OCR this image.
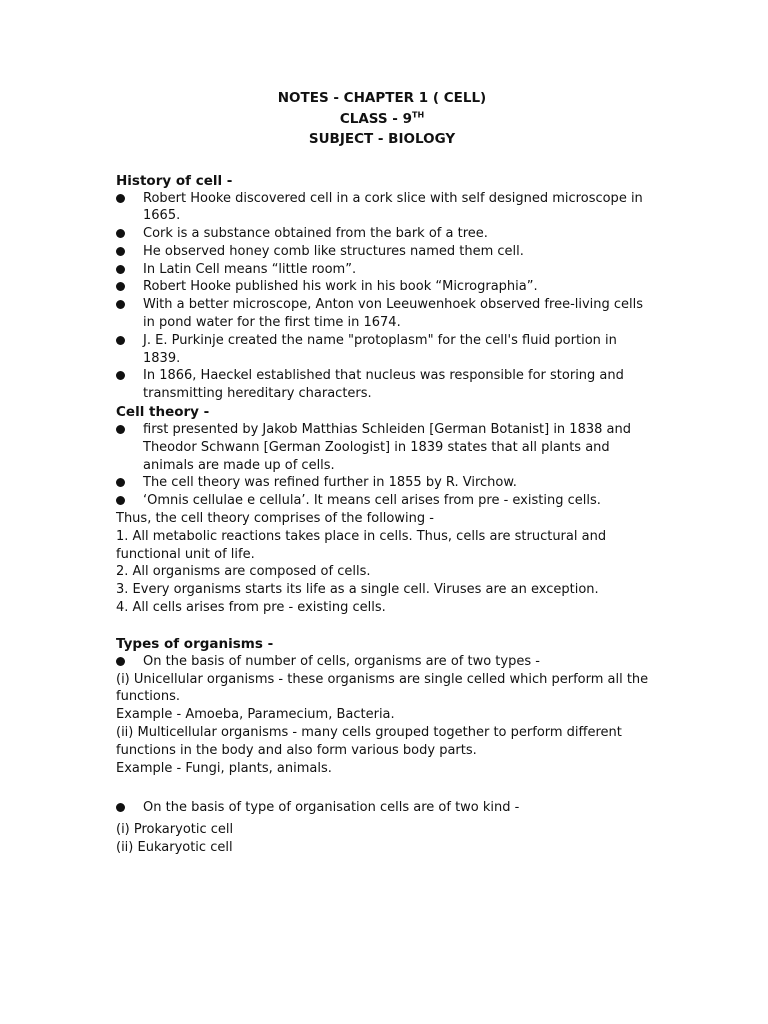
NOTES - CHAPTER 1 ( CELL)
CLASS - 9TH
SUBJECT - BIOLOGY
History of cell -
Robert Hooke discovered cell in a cork slice with self designed microscope in 1665.
Cork is a substance obtained from the bark of a tree.
He observed honey comb like structures named them cell.
In Latin Cell means “little room”.
Robert Hooke published his work in his book “Micrographia”.
With a better microscope, Anton von Leeuwenhoek observed free-living cells in pond water for the first time in 1674.
J. E. Purkinje created the name "protoplasm" for the cell's fluid portion in 1839.
In 1866, Haeckel established that nucleus was responsible for storing and transmitting hereditary characters.
Cell theory -
first presented by Jakob Matthias Schleiden [German Botanist] in 1838 and Theodor Schwann [German Zoologist] in 1839 states that all plants and animals are made up of cells.
The cell theory was refined further in 1855 by R. Virchow.
‘Omnis cellulae e cellula’. It means cell arises from pre - existing cells.
Thus, the cell theory comprises of the following -
1. All metabolic reactions takes place in cells. Thus, cells are structural and functional unit of life.
2. All organisms are composed of cells.
3. Every organisms starts its life as a single cell. Viruses are an exception.
4. All cells arises from pre - existing cells.
Types of organisms -
On the basis of number of cells, organisms are of two types -
(i) Unicellular organisms - these organisms are single celled which perform all the functions.
Example - Amoeba, Paramecium, Bacteria.
(ii) Multicellular organisms - many cells grouped together to perform different functions in the body and also form various body parts.
Example - Fungi, plants, animals.
On the basis of type of organisation cells are of two kind -
(i) Prokaryotic cell
(ii) Eukaryotic cell
